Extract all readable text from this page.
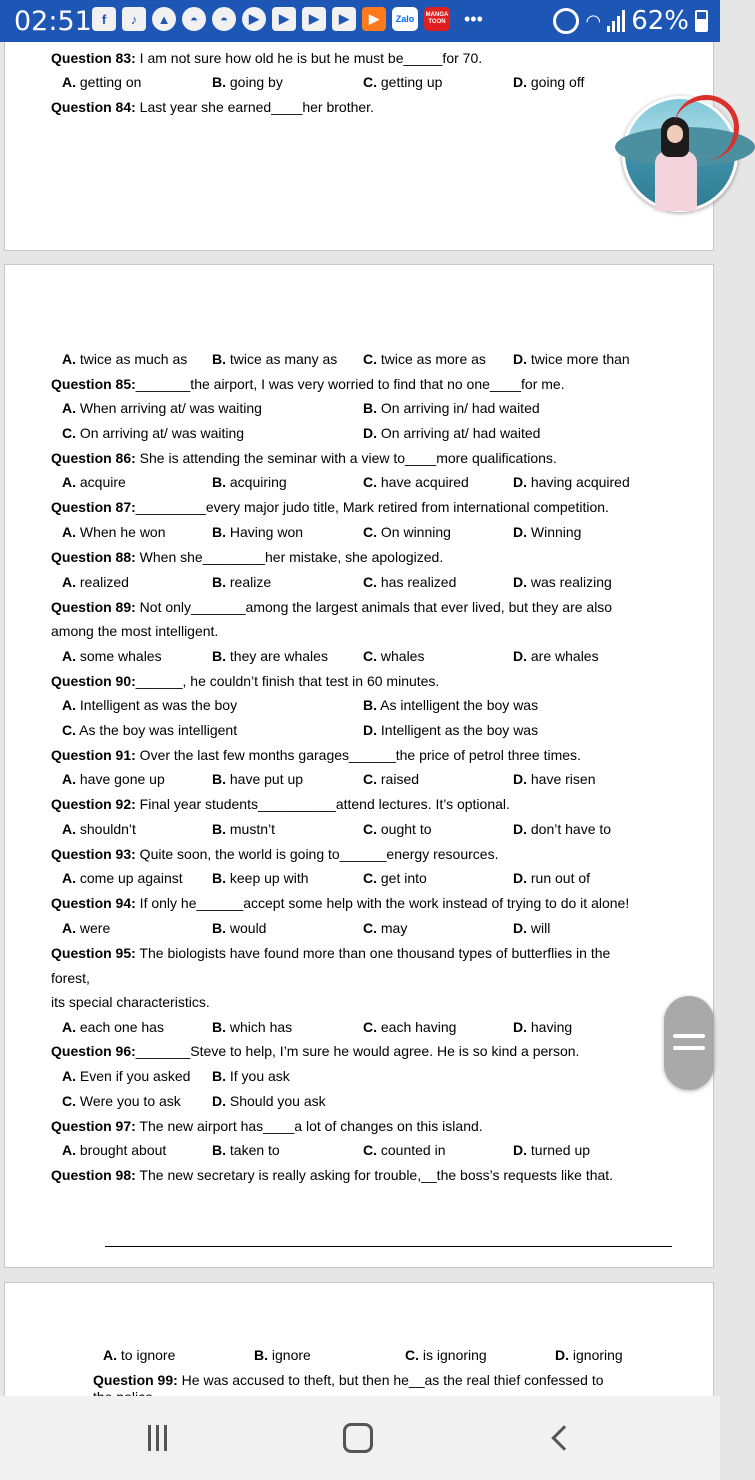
02:51 f	♪	▲	◓	◓	▶	▶	▶	▶	▶	Zalo	MANGA TOON •••	◠ 62%
Question 83: I am not sure how old he is but he must be_____for 70.
A. getting on	B. going by	C. getting up	D. going off
Question 84: Last year she earned____her brother.
A. twice as much as B. twice as many as C. twice as more as D. twice more than
Question 85:_______the airport, I was very worried to find that no one____for me.
A. When arriving at/ was waiting	B. On arriving in/ had waited
C. On arriving at/ was waiting	D. On arriving at/ had waited
Question 86: She is attending the seminar with a view to____more qualifications.
A. acquire	B. acquiring	C. have acquired	D. having acquired
Question 87:_________every major judo title, Mark retired from international competition.
A. When he won	B. Having won	C. On winning	D. Winning
Question 88: When she________her mistake, she apologized.
A. realized	B. realize	C. has realized	D. was realizing
Question 89: Not only_______among the largest animals that ever lived, but they are also
among the most intelligent.
A. some whales	B. they are whales	C. whales	D. are whales
Question 90:______, he couldn’t finish that test in 60 minutes.
A. Intelligent as was the boy	B. As intelligent the boy was
C. As the boy was intelligent	D. Intelligent as the boy was
Question 91: Over the last few months garages______the price of petrol three times.
A. have gone up	B. have put up	C. raised	D. have risen
Question 92: Final year students__________attend lectures. It’s optional.
A. shouldn’t	B. mustn’t	C. ought to	D. don’t have to
Question 93: Quite soon, the world is going to______energy resources.
A. come up against B. keep up with	C. get into	D. run out of
Question 94: If only he______accept some help with the work instead of trying to do it alone!
A. were	B. would	C. may	D. will
Question 95: The biologists have found more than one thousand types of butterflies in the
forest,
its special characteristics.
A. each one has	B. which has	C. each having	D. having
Question 96:_______Steve to help, I’m sure he would agree. He is so kind a person.
A. Even if you asked B. If you ask
C. Were you to ask D. Should you ask
Question 97: The new airport has____a lot of changes on this island.
A. brought about	B. taken to	C. counted in	D. turned up
Question 98: The new secretary is really asking for trouble,__the boss’s requests like that.
A. to ignore	B. ignore	C. is ignoring	D. ignoring
Question 99: He was accused to theft, but then he__as the real thief confessed to
